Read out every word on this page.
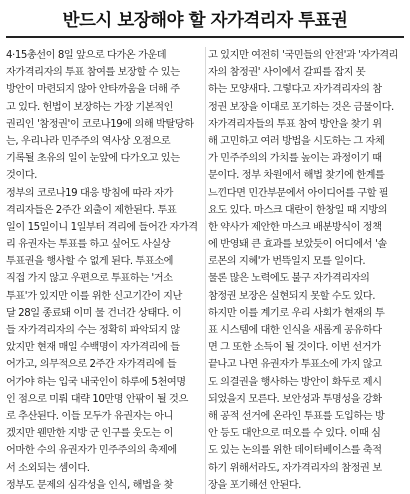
반드시 보장해야 할 자가격리자 투표권
4·15총선이 8일 앞으로 다가온 가운데
자가격리자의 투표 참여를 보장할 수 있는
방안이 마련되지 않아 안타까움을 더해 주
고 있다. 헌법이 보장하는 가장 기본적인
권리인 '참정권'이 코로나19에 의해 박탈당하
는, 우리나라 민주주의 역사상 오점으로
기록될 초유의 일이 눈앞에 다가오고 있는
것이다.
정부의 코로나19 대응 방침에 따라 자가
격리자들은 2주간 외출이 제한된다. 투표
일이 15일이니 1일부터 격리에 들어간 자가격
리 유권자는 투표를 하고 싶어도 사실상
투표권을 행사할 수 없게 된다. 투표소에
직접 가지 않고 우편으로 투표하는 '거소
투표'가 있지만 이를 위한 신고기간이 지난
달 28일 종료돼 이미 물 건너간 상태다. 이
들 자가격리자의 수는 정확히 파악되지 않
았지만 현재 매일 수백명이 자가격리에 들
어가고, 의무적으로 2주간 자가격리에 들
어가야 하는 입국 내국인이 하루에 5천여명
인 점으로 미뤄 대략 10만명 안팎이 될 것으
로 추산된다. 이들 모두가 유권자는 아니
겠지만 웬만한 지방 군 인구를 웃도는 이
어마한 수의 유권자가 민주주의의 축제에
서 소외되는 셈이다.
정부도 문제의 심각성을 인식, 해법을 찾
고 있지만 여전히 '국민들의 안전'과 '자가격리
자의 참정권' 사이에서 갈피를 잡지 못
하는 모양새다. 그렇다고 자가격리자의 참
정권 보장을 이대로 포기하는 것은 금물이다.
자가격리자들의 투표 참여 방안을 찾기 위
해 고민하고 여러 방법을 시도하는 그 자체
가 민주주의의 가치를 높이는 과정이기 때
문이다. 정부 차원에서 해법 찾기에 한계를
느낀다면 민간부문에서 아이디어를 구할 필
요도 있다. 마스크 대란이 한창일 때 지방의
한 약사가 제안한 마스크 배분방식이 정책
에 반영돼 큰 효과를 보았듯이 어디에서 '솔
로몬의 지혜'가 번뜩일지 모를 일이다.
물론 많은 노력에도 불구 자가격리자의
참정권 보장은 실현되지 못할 수도 있다.
하지만 이를 계기로 우리 사회가 현재의 투
표 시스템에 대한 인식을 새롭게 공유하다
면 그 또한 소득이 될 것이다. 이번 선거가
끝나고 나면 유권자가 투표소에 가지 않고
도 의결권을 행사하는 방안이 화두로 제시
되었을지 모른다. 보안성과 투명성을 강화
해 공적 선거에 온라인 투표를 도입하는 방
안 등도 대안으로 떠오를 수 있다. 이때 심
도 있는 논의를 위한 데이터베이스를 축적
하기 위해서라도, 자가격리자의 참정권 보
장을 포기해선 안된다.
